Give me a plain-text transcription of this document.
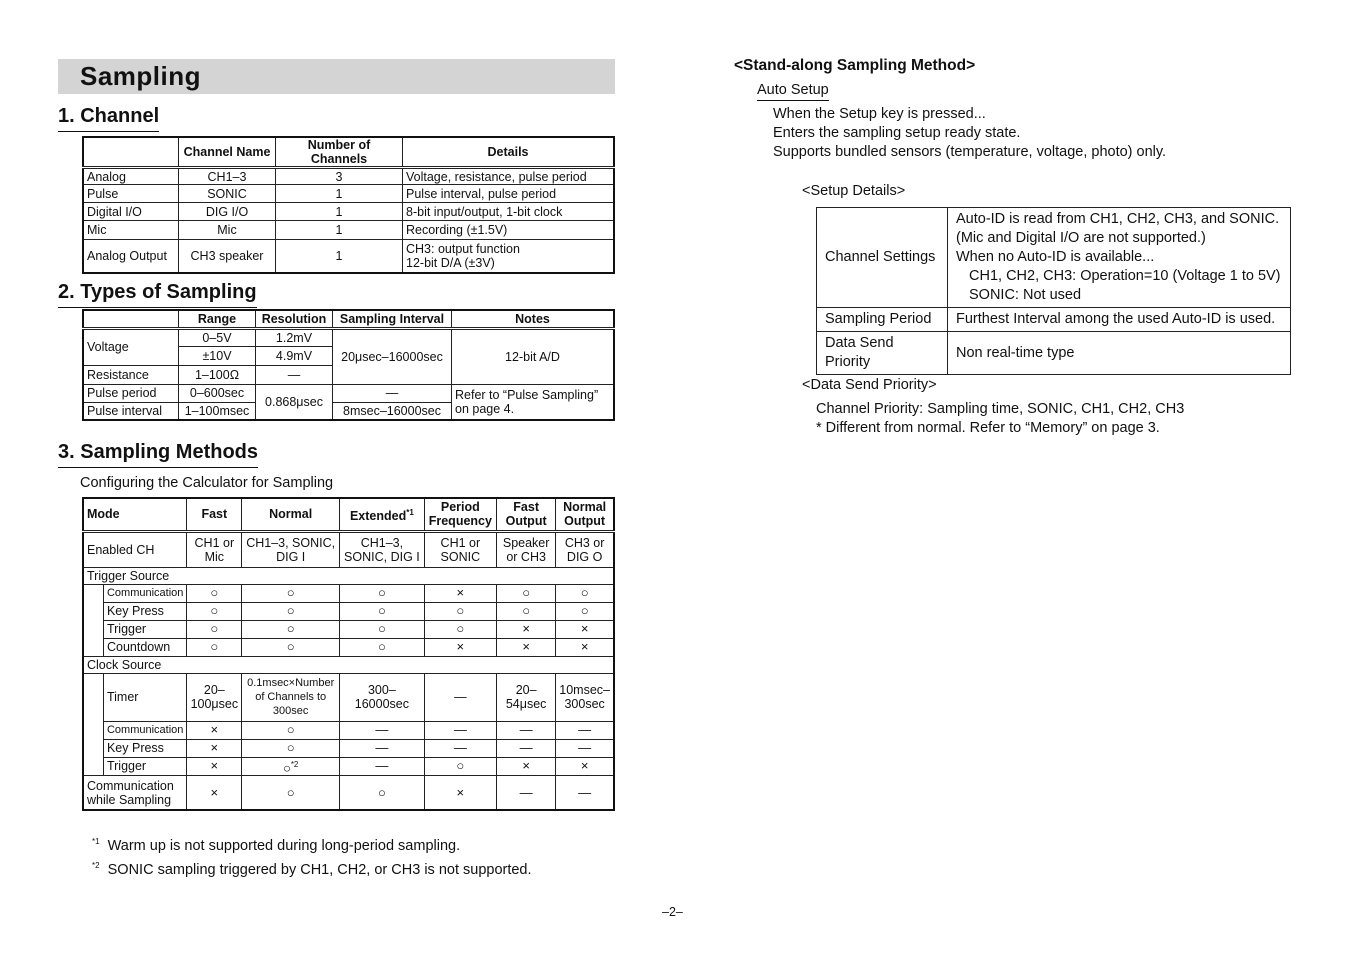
Sampling
1. Channel
	Channel Name	Number of Channels	Details
Analog	CH1–3	3	Voltage, resistance, pulse period
Pulse	SONIC	1	Pulse interval, pulse period
Digital I/O	DIG I/O	1	8-bit input/output, 1-bit clock
Mic	Mic	1	Recording (±1.5V)
Analog Output	CH3 speaker	1	CH3: output function
12-bit D/A (±3V)
2. Types of Sampling
	Range	Resolution	Sampling Interval	Notes
Voltage	0–5V	1.2mV	20μsec–16000sec	12-bit A/D
	±10V	4.9mV		
Resistance	1–100Ω	—		
Pulse period	0–600sec	0.868μsec	—	Refer to “Pulse Sampling” on page 4.
Pulse interval	1–100msec		8msec–16000sec	
3. Sampling Methods
Configuring the Calculator for Sampling
Mode		Fast	Normal	Extended$^{*1}$	Period Frequency	Fast Output	Normal Output
Enabled CH		CH1 or Mic	CH1–3, SONIC, DIG I	CH1–3, SONIC, DIG I	CH1 or SONIC	Speaker or CH3	CH3 or DIG O
Trigger Source							
	Communication	○	○	○	×	○	○
	Key Press	○	○	○	○	○	○
	Trigger	○	○	○	○	×	×
	Countdown	○	○	○	×	×	×
Clock Source							
	Timer	20–100μsec	0.1msec×Number of Channels to 300sec	300–16000sec	—	20–54μsec	10msec–300sec
	Communication	×	○	—	—	—	—
	Key Press	×	○	—	—	—	—
	Trigger	×	○$^{*2}$	—	○	×	×
Communication while Sampling		×	○	○	×	—	—
$^{*1}$ Warm up is not supported during long-period sampling.
$^{*2}$ SONIC sampling triggered by CH1, CH2, or CH3 is not supported.
–2–
<Stand-along Sampling Method>
Auto Setup
When the Setup key is pressed...
Enters the sampling setup ready state.
Supports bundled sensors (temperature, voltage, photo) only.
<Setup Details>
Channel Settings	Auto-ID is read from CH1, CH2, CH3, and SONIC.
(Mic and Digital I/O are not supported.)
When no Auto-ID is available...
CH1, CH2, CH3: Operation=10 (Voltage 1 to 5V)
SONIC: Not used

Sampling Period	Furthest Interval among the used Auto-ID is used.
Data Send Priority	Non real-time type
<Data Send Priority>
Channel Priority: Sampling time, SONIC, CH1, CH2, CH3
* Different from normal. Refer to “Memory” on page 3.
